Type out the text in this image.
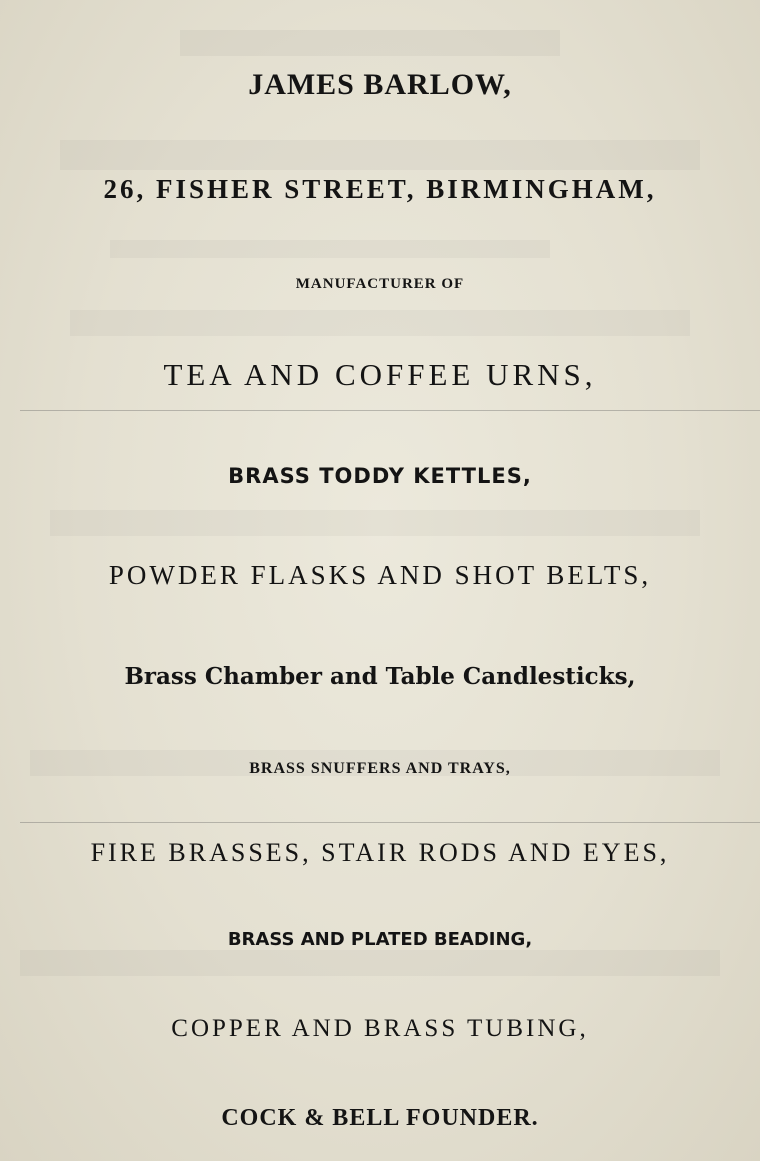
JAMES BARLOW,
26, FISHER STREET, BIRMINGHAM,
MANUFACTURER OF
TEA AND COFFEE URNS,
BRASS TODDY KETTLES,
POWDER FLASKS AND SHOT BELTS,
Brass Chamber and Table Candlesticks,
BRASS SNUFFERS AND TRAYS,
FIRE BRASSES, STAIR RODS AND EYES,
BRASS AND PLATED BEADING,
COPPER AND BRASS TUBING,
COCK & BELL FOUNDER.
